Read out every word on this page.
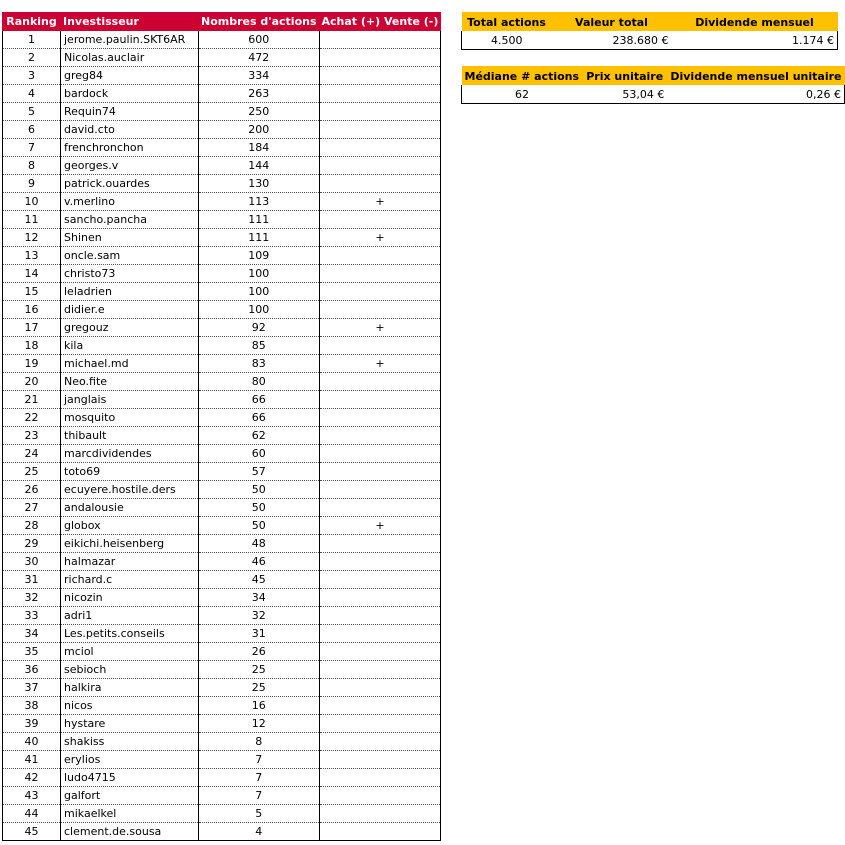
Ranking	Investisseur	Nombres d'actions	Achat (+) Vente (-)
1	jerome.paulin.SKT6AR	600	
2	Nicolas.auclair	472	
3	greg84	334	
4	bardock	263	
5	Requin74	250	
6	david.cto	200	
7	frenchronchon	184	
8	georges.v	144	
9	patrick.ouardes	130	
10	v.merlino	113	+
11	sancho.pancha	111	
12	Shinen	111	+
13	oncle.sam	109	
14	christo73	100	
15	leladrien	100	
16	didier.e	100	
17	gregouz	92	+
18	kila	85	
19	michael.md	83	+
20	Neo.fite	80	
21	janglais	66	
22	mosquito	66	
23	thibault	62	
24	marcdividendes	60	
25	toto69	57	
26	ecuyere.hostile.ders	50	
27	andalousie	50	
28	globox	50	+
29	eikichi.heisenberg	48	
30	halmazar	46	
31	richard.c	45	
32	nicozin	34	
33	adri1	32	
34	Les.petits.conseils	31	
35	mciol	26	
36	sebioch	25	
37	halkira	25	
38	nicos	16	
39	hystare	12	
40	shakiss	8	
41	erylios	7	
42	ludo4715	7	
43	galfort	7	
44	mikaelkel	5	
45	clement.de.sousa	4	
Total actions	Valeur total	Dividende mensuel
4.500	238.680 €	1.174 €
Médiane # actions	Prix unitaire	Dividende mensuel unitaire
62	53,04 €	0,26 €
